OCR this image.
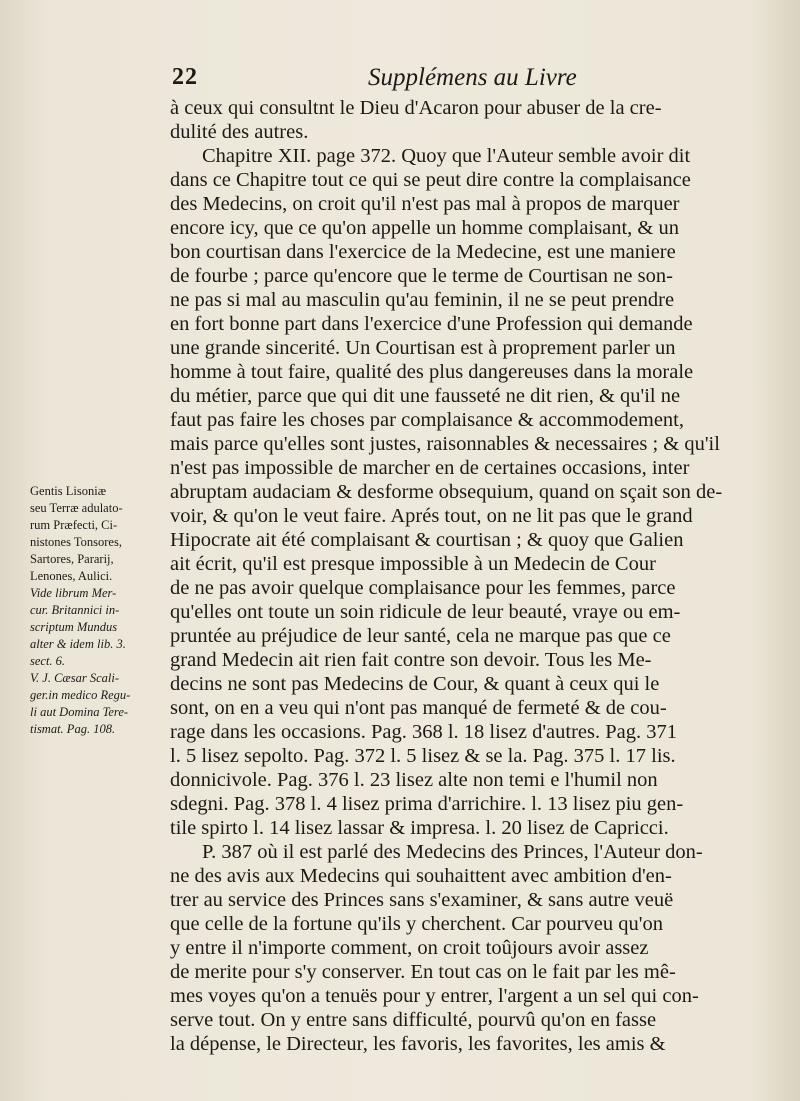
22	Supplémens au Livre
à ceux qui consultnt le Dieu d'Acaron pour abuser de la cre-
dulité des autres.
Chapitre XII. page 372. Quoy que l'Auteur semble avoir dit
dans ce Chapitre tout ce qui se peut dire contre la complaisance
des Medecins, on croit qu'il n'est pas mal à propos de marquer
encore icy, que ce qu'on appelle un homme complaisant, & un
bon courtisan dans l'exercice de la Medecine, est une maniere
de fourbe ; parce qu'encore que le terme de Courtisan ne son-
ne pas si mal au masculin qu'au feminin, il ne se peut prendre
en fort bonne part dans l'exercice d'une Profession qui demande
une grande sincerité. Un Courtisan est à proprement parler un
homme à tout faire, qualité des plus dangereuses dans la morale
du métier, parce que qui dit une fausseté ne dit rien, & qu'il ne
faut pas faire les choses par complaisance & accommodement,
mais parce qu'elles sont justes, raisonnables & necessaires ; & qu'il
n'est pas impossible de marcher en de certaines occasions, inter
abruptam audaciam & desforme obsequium, quand on sçait son de-
voir, & qu'on le veut faire. Aprés tout, on ne lit pas que le grand
Hipocrate ait été complaisant & courtisan ; & quoy que Galien
ait écrit, qu'il est presque impossible à un Medecin de Cour
de ne pas avoir quelque complaisance pour les femmes, parce
qu'elles ont toute un soin ridicule de leur beauté, vraye ou em-
pruntée au préjudice de leur santé, cela ne marque pas que ce
grand Medecin ait rien fait contre son devoir. Tous les Me-
decins ne sont pas Medecins de Cour, & quant à ceux qui le
sont, on en a veu qui n'ont pas manqué de fermeté & de cou-
rage dans les occasions. Pag. 368 l. 18 lisez d'autres. Pag. 371
l. 5 lisez sepolto. Pag. 372 l. 5 lisez & se la. Pag. 375 l. 17 lis.
donnicivole. Pag. 376 l. 23 lisez alte non temi e l'humil non
sdegni. Pag. 378 l. 4 lisez prima d'arrichire. l. 13 lisez piu gen-
tile spirto l. 14 lisez lassar & impresa. l. 20 lisez de Capricci.
P. 387 où il est parlé des Medecins des Princes, l'Auteur don-
ne des avis aux Medecins qui souhaittent avec ambition d'en-
trer au service des Princes sans s'examiner, & sans autre veuë
que celle de la fortune qu'ils y cherchent. Car pourveu qu'on
y entre il n'importe comment, on croit toûjours avoir assez
de merite pour s'y conserver. En tout cas on le fait par les mê-
mes voyes qu'on a tenuës pour y entrer, l'argent a un sel qui con-
serve tout. On y entre sans difficulté, pourvû qu'on en fasse
la dépense, le Directeur, les favoris, les favorites, les amis &
Gentis Lisoniæ
seu Terræ adulato-
rum Præfecti, Ci-
nistones Tonsores,
Sartores, Pararij,
Lenones, Aulici.
Vide librum Mer-
cur. Britannici in-
scriptum Mundus
alter & idem lib. 3.
sect. 6.
V. J. Cæsar Scali-
ger.in medico Regu-
li aut Domina Tere-
tismat. Pag. 108.
